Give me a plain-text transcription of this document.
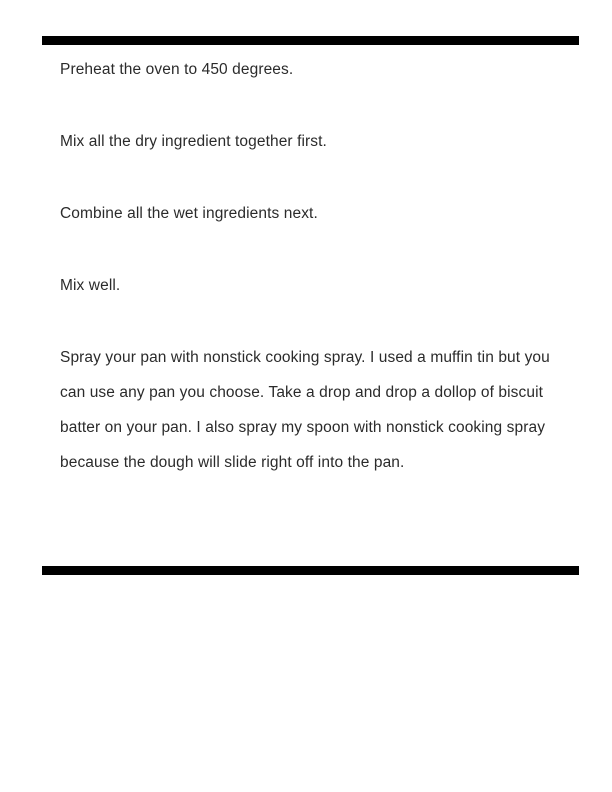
Preheat the oven to 450 degrees.

Mix all the dry ingredient together first.

Combine all the wet ingredients next.

Mix well.

Spray your pan with nonstick cooking spray. I used a muffin tin but you can use any pan you choose. Take a drop and drop a dollop of biscuit batter on your pan. I also spray my spoon with nonstick cooking spray because the dough will slide right off into the pan.
